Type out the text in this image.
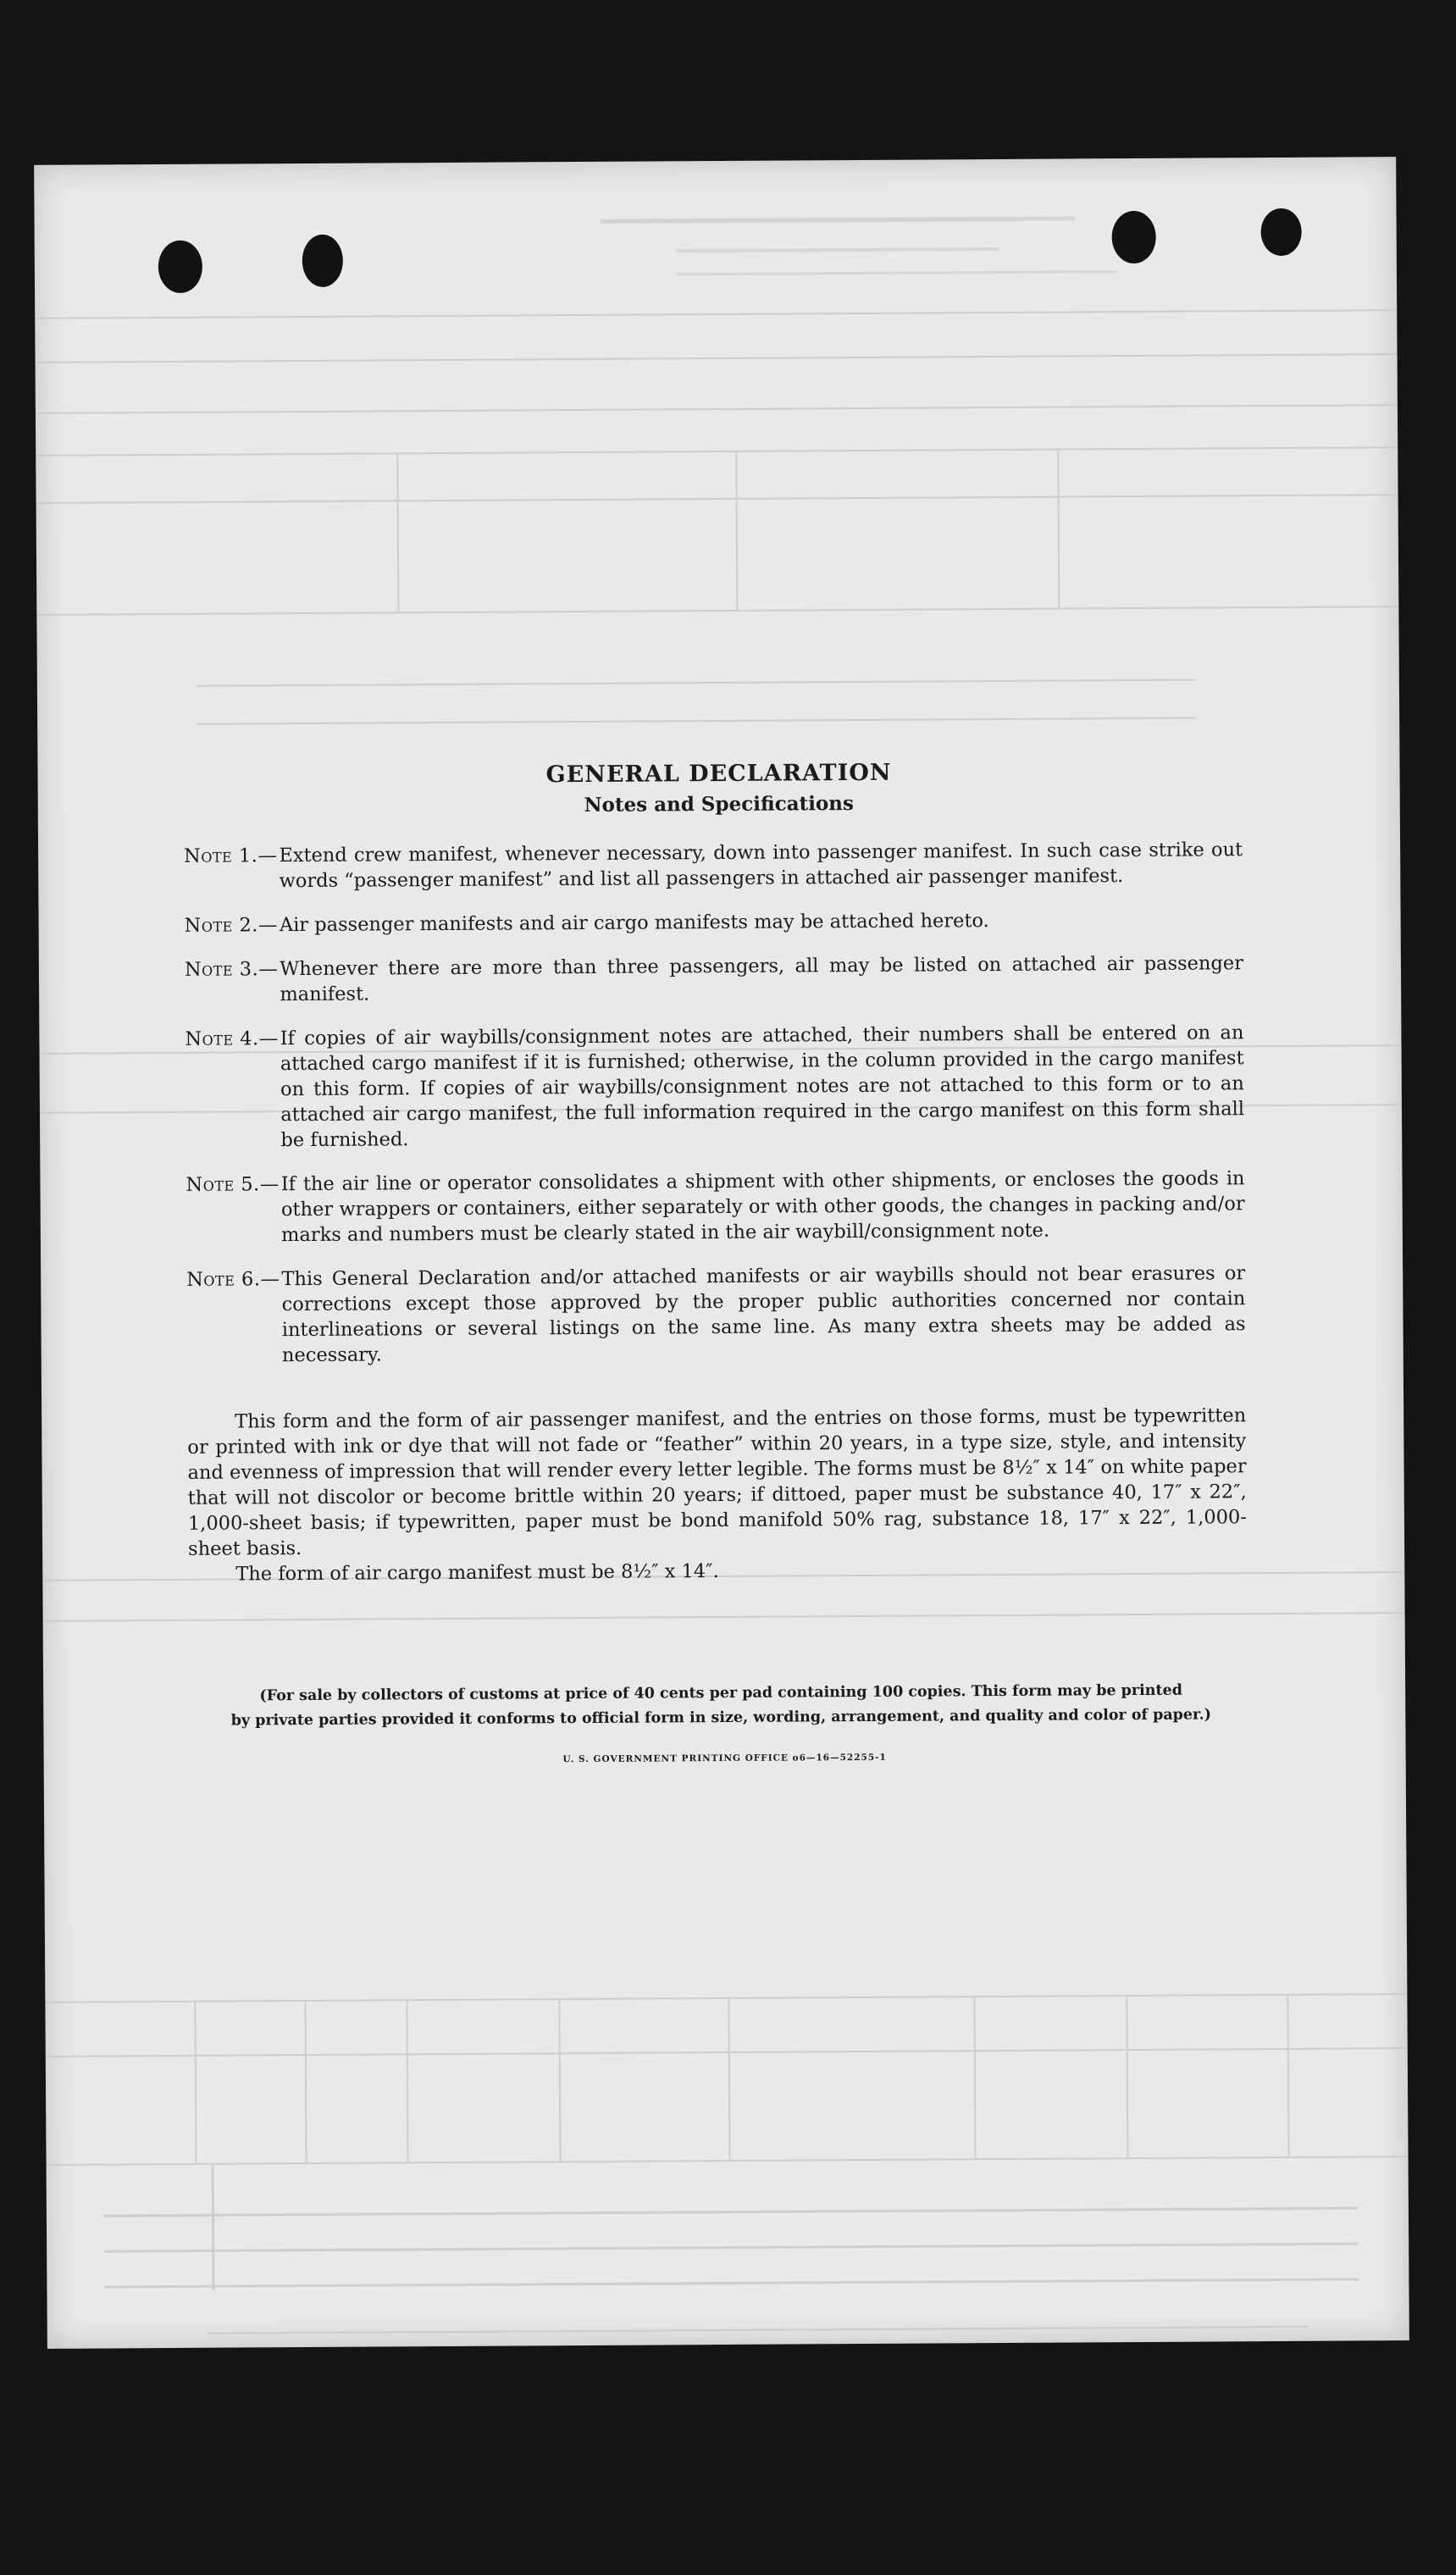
GENERAL DECLARATION
Notes and Specifications
Note 1.— Extend crew manifest, whenever necessary, down into passenger manifest. In such case strike out words “passenger manifest” and list all passengers in attached air passenger manifest.
Note 2.— Air passenger manifests and air cargo manifests may be attached hereto.
Note 3.— Whenever there are more than three passengers, all may be listed on attached air passenger manifest.
Note 4.— If copies of air waybills/consignment notes are attached, their numbers shall be entered on an attached cargo manifest if it is furnished; otherwise, in the column provided in the cargo manifest on this form. If copies of air waybills/consignment notes are not attached to this form or to an attached air cargo manifest, the full information required in the cargo manifest on this form shall be furnished.
Note 5.— If the air line or operator consolidates a shipment with other shipments, or encloses the goods in other wrappers or containers, either separately or with other goods, the changes in packing and/or marks and numbers must be clearly stated in the air waybill/consignment note.
Note 6.— This General Declaration and/or attached manifests or air waybills should not bear erasures or corrections except those approved by the proper public authorities concerned nor contain interlineations or several listings on the same line. As many extra sheets may be added as necessary.

This form and the form of air passenger manifest, and the entries on those forms, must be typewritten or printed with ink or dye that will not fade or “feather” within 20 years, in a type size, style, and intensity and evenness of impression that will render every letter legible. The forms must be 8½″ x 14″ on white paper that will not discolor or become brittle within 20 years; if dittoed, paper must be substance 40, 17″ x 22″, 1,000-sheet basis; if typewritten, paper must be bond manifold 50% rag, substance 18, 17″ x 22″, 1,000-sheet basis.

The form of air cargo manifest must be 8½″ x 14″.

(For sale by collectors of customs at price of 40 cents per pad containing 100 copies. This form may be printed
by private parties provided it conforms to official form in size, wording, arrangement, and quality and color of paper.)
U. S. GOVERNMENT PRINTING OFFICE o6—16—52255-1
